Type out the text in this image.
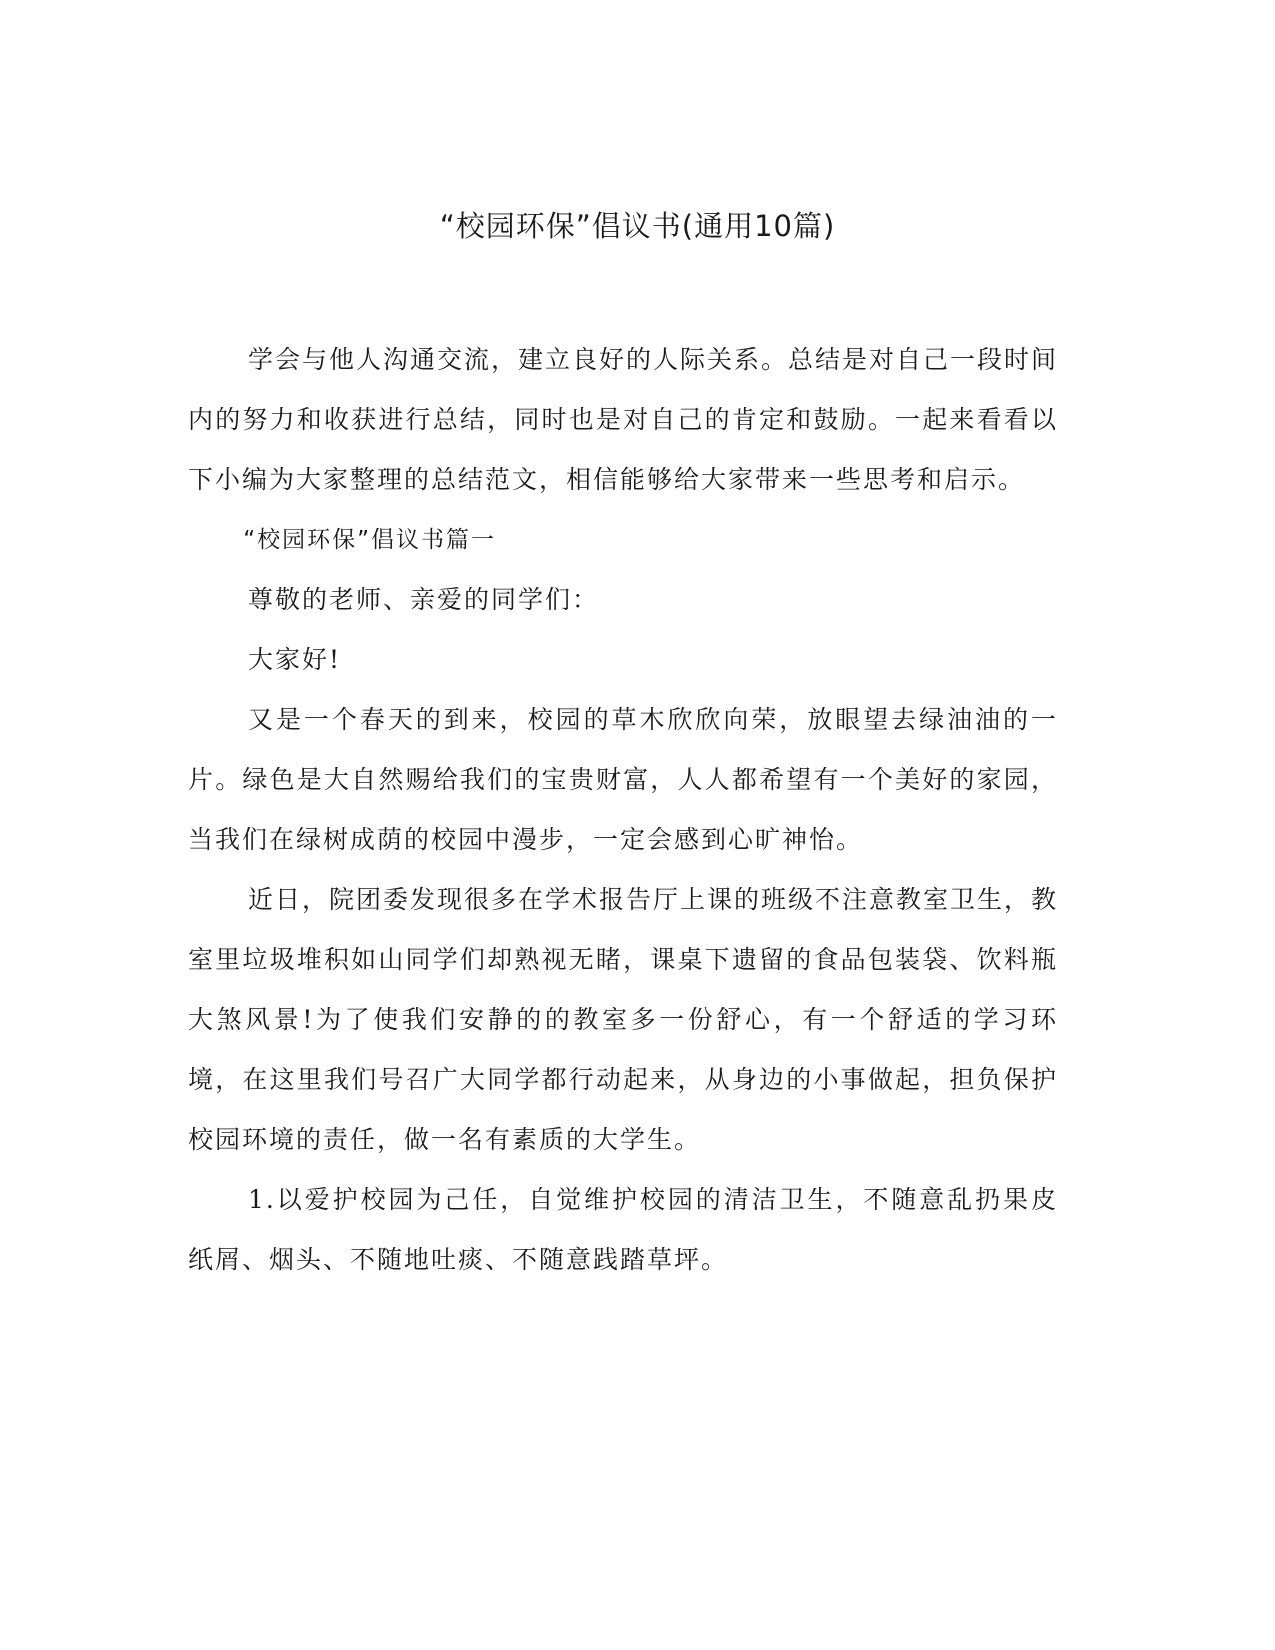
“校园环保”倡议书(通用10篇)

学会与他人沟通交流，建立良好的人际关系。总结是对自己一段时间内的努力和收获进行总结，同时也是对自己的肯定和鼓励。一起来看看以下小编为大家整理的总结范文，相信能够给大家带来一些思考和启示。

“校园环保”倡议书篇一

尊敬的老师、亲爱的同学们：

大家好!

又是一个春天的到来，校园的草木欣欣向荣，放眼望去绿油油的一片。绿色是大自然赐给我们的宝贵财富，人人都希望有一个美好的家园，当我们在绿树成荫的校园中漫步，一定会感到心旷神怡。

近日，院团委发现很多在学术报告厅上课的班级不注意教室卫生，教室里垃圾堆积如山同学们却熟视无睹，课桌下遗留的食品包装袋、饮料瓶大煞风景!为了使我们安静的的教室多一份舒心，有一个舒适的学习环境，在这里我们号召广大同学都行动起来，从身边的小事做起，担负保护校园环境的责任，做一名有素质的大学生。

1.以爱护校园为己任，自觉维护校园的清洁卫生，不随意乱扔果皮纸屑、烟头、不随地吐痰、不随意践踏草坪。
